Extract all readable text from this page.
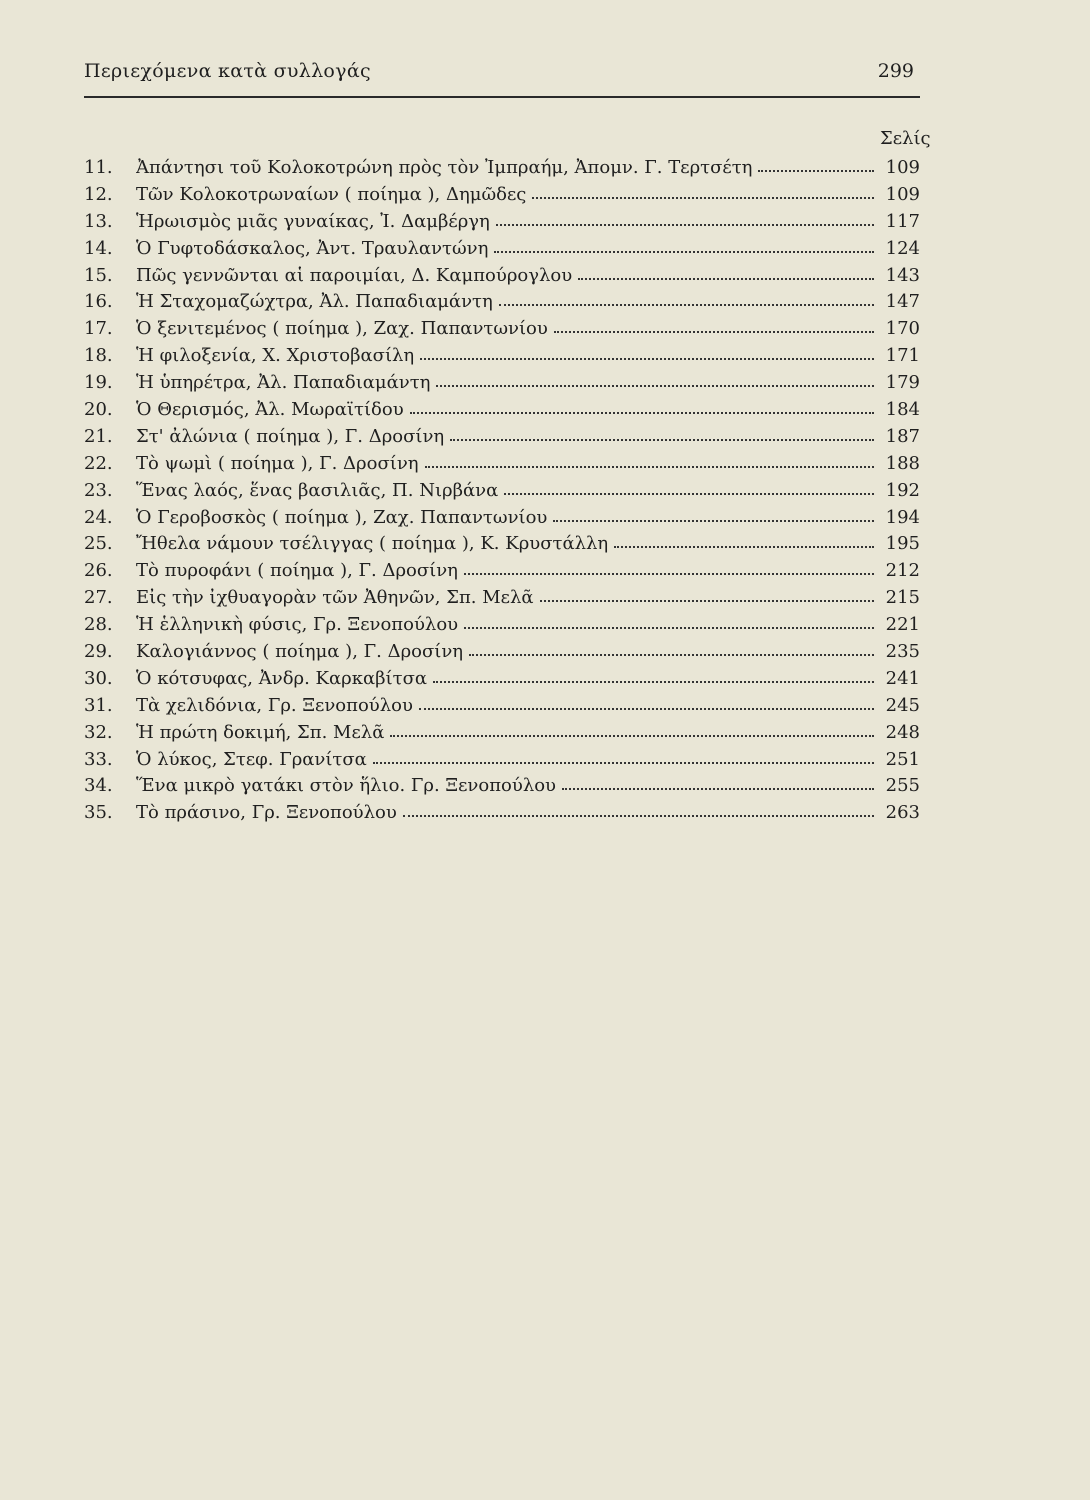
Περιεχόμενα κατὰ συλλογάς	299
Σελίς
11.	Ἀπάντησι τοῦ Κολοκοτρώνη πρὸς τὸν Ἰμπραήμ, Ἀπομν. Γ. Τερτσέτη	109
12.	Τῶν Κολοκοτρωναίων ( ποίημα ), Δημῶδες	109
13.	Ἡρωισμὸς μιᾶς γυναίκας, Ἰ. Δαμβέργη	117
14.	Ὁ Γυφτοδάσκαλος, Ἀντ. Τραυλαντώνη	124
15.	Πῶς γεννῶνται αἱ παροιμίαι, Δ. Καμπούρογλου	143
16.	Ἡ Σταχομαζώχτρα, Ἀλ. Παπαδιαμάντη	147
17.	Ὁ ξενιτεμένος ( ποίημα ), Ζαχ. Παπαντωνίου	170
18.	Ἡ φιλοξενία, Χ. Χριστοβασίλη	171
19.	Ἡ ὑπηρέτρα, Ἀλ. Παπαδιαμάντη	179
20.	Ὁ Θερισμός, Ἀλ. Μωραϊτίδου	184
21.	Στ' ἀλώνια ( ποίημα ), Γ. Δροσίνη	187
22.	Τὸ ψωμὶ ( ποίημα ), Γ. Δροσίνη	188
23.	Ἕνας λαός, ἕνας βασιλιᾶς, Π. Νιρβάνα	192
24.	Ὁ Γεροβοσκὸς ( ποίημα ), Ζαχ. Παπαντωνίου	194
25.	Ἤθελα νάμουν τσέλιγγας ( ποίημα ), Κ. Κρυστάλλη	195
26.	Τὸ πυροφάνι ( ποίημα ), Γ. Δροσίνη	212
27.	Εἰς τὴν ἰχθυαγορὰν τῶν Ἀθηνῶν, Σπ. Μελᾶ	215
28.	Ἡ ἑλληνικὴ φύσις, Γρ. Ξενοπούλου	221
29.	Καλογιάννος ( ποίημα ), Γ. Δροσίνη	235
30.	Ὁ κότσυφας, Ἀνδρ. Καρκαβίτσα	241
31.	Τὰ χελιδόνια, Γρ. Ξενοπούλου	245
32.	Ἡ πρώτη δοκιμή, Σπ. Μελᾶ	248
33.	Ὁ λύκος, Στεφ. Γρανίτσα	251
34.	Ἕνα μικρὸ γατάκι στὸν ἥλιο. Γρ. Ξενοπούλου	255
35.	Τὸ πράσινο, Γρ. Ξενοπούλου	263
